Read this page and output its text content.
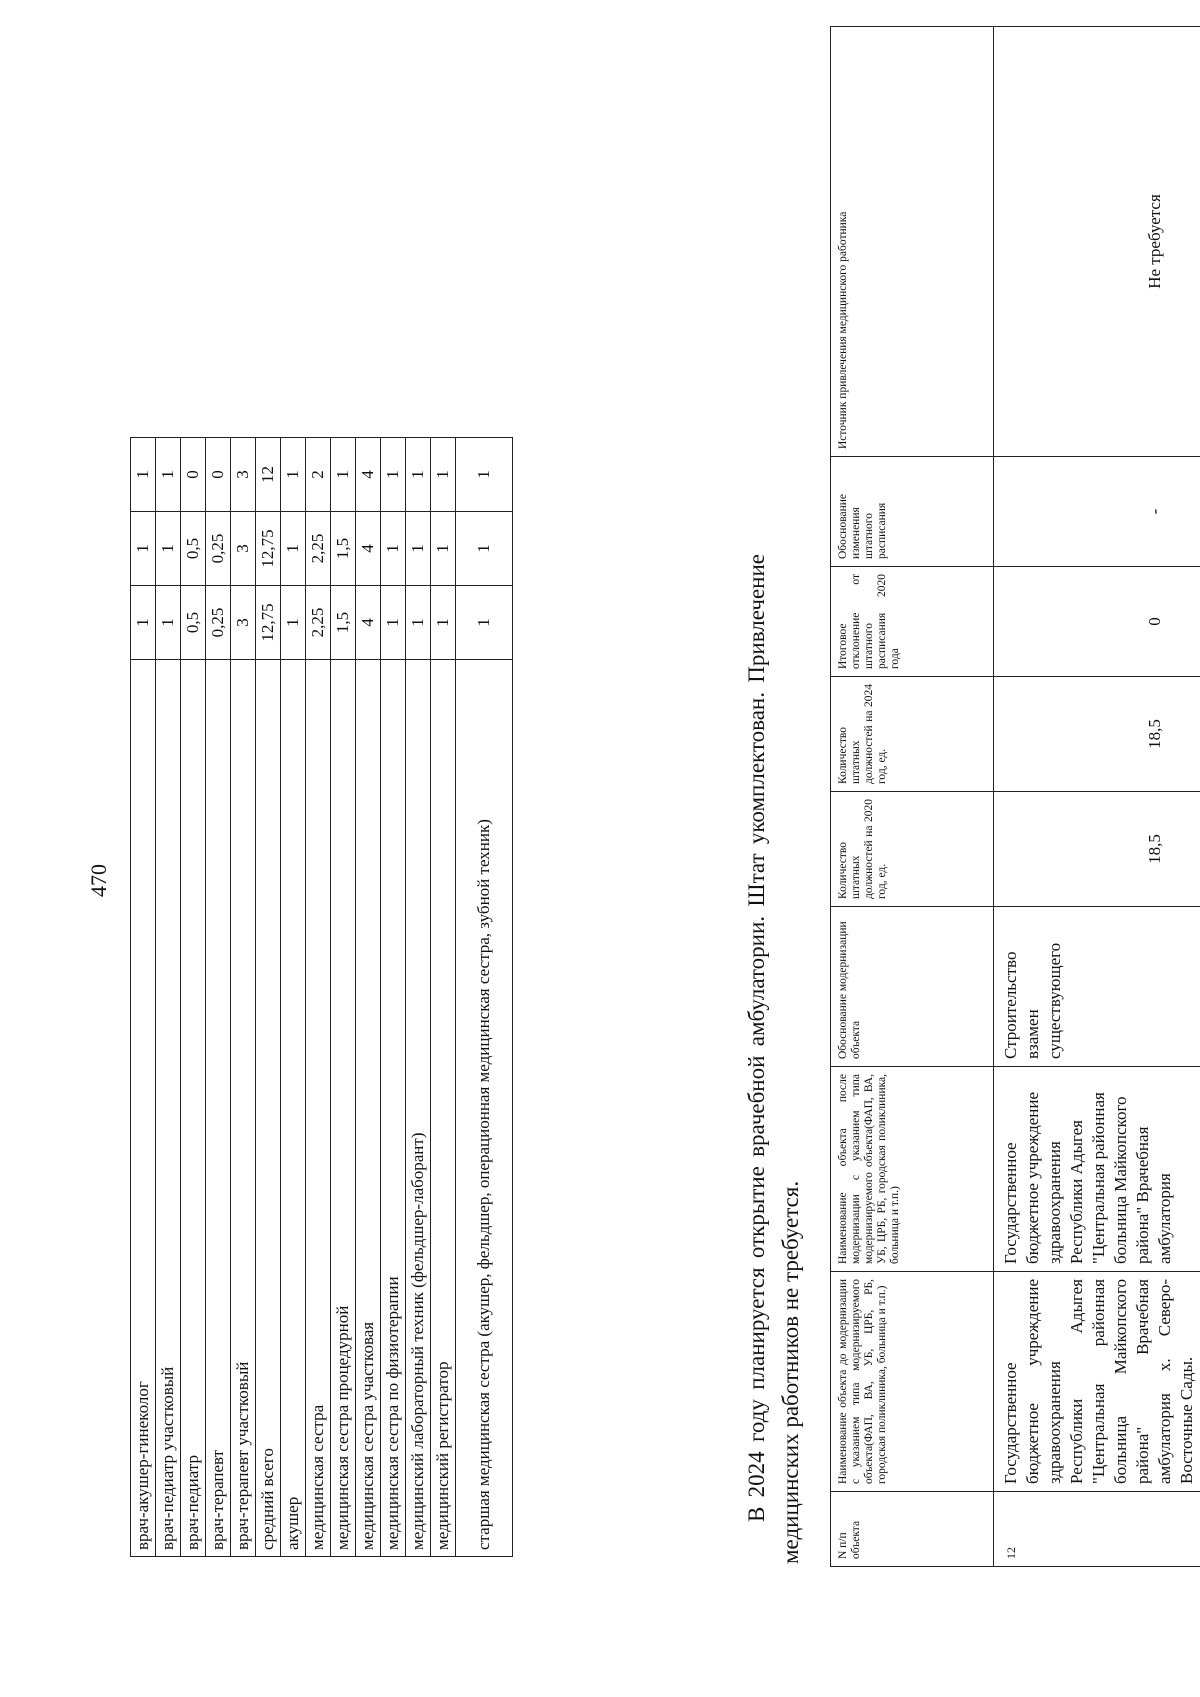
470
врач-акушер-гинеколог	1	1	1
врач-педиатр участковый	1	1	1
врач-педиатр	0,5	0,5	0
врач-терапевт	0,25	0,25	0
врач-терапевт участковый	3	3	3
средний всего	12,75	12,75	12
акушер	1	1	1
медицинская сестра	2,25	2,25	2
медицинская сестра процедурной	1,5	1,5	1
медицинская сестра участковая	4	4	4
медицинская сестра по физиотерапии	1	1	1
медицинский лабораторный техник (фельдшер-лаборант)	1	1	1
медицинский регистратор	1	1	1
старшая медицинская сестра (акушер, фельдшер, операционная медицинская сестра, зубной техник)	1	1	1
В 2024 году планируется открытие врачебной амбулатории. Штат укомплектован. Привлечение медицинских работников не требуется.	N п/п объекта	Наименование объекта до модернизации с указанием типа модернизируемого объекта(ФАП, ВА, УБ, ЦРБ, РБ, городская поликлиника, больница и т.п.)	Наименование объекта после модернизации с указанием типа модернизируемого объекта(ФАП, ВА, УБ, ЦРБ, РБ, городская поликлиника, больница и т.п.)	Обоснование модернизации объекта	Количество штатных должностей на 2020 год, ед.	Количество штатных должностей на 2024 год, ед.	Итоговое отклонение от штатного расписания 2020 года	Обоснование изменения штатного расписания	Источник привлечения медицинского работника
12	Государственное бюджетное учреждение здравоохранения Республики Адыгея "Центральная районная больница Майкопского района" Врачебная амбулатория х. Северо-Восточные Сады.	Государственное бюджетное учреждение здравоохранения Республики Адыгея "Центральная районная больница Майкопского района" Врачебная амбулатория	Строительство взамен существующего	18,5	18,5	0	-	Не требуется
